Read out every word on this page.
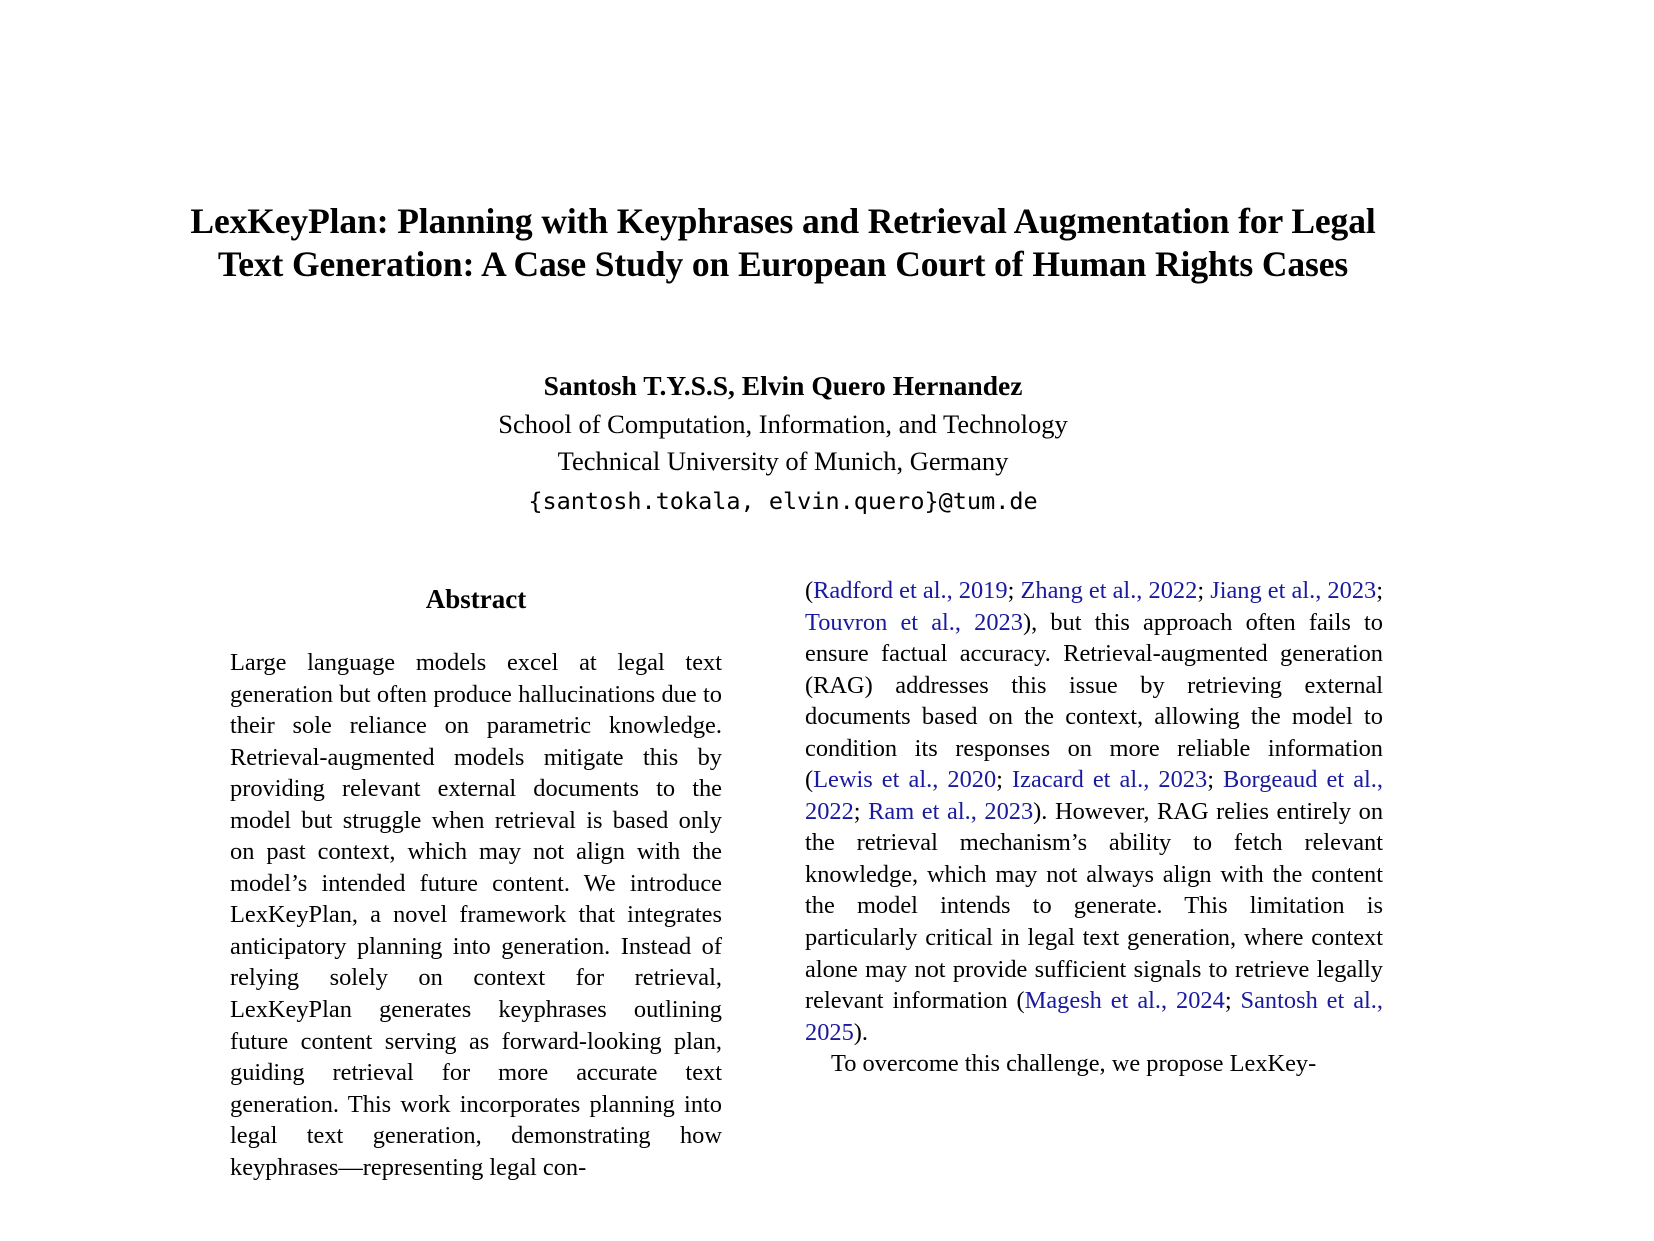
LexKeyPlan: Planning with Keyphrases and Retrieval Augmentation for Legal Text Generation: A Case Study on European Court of Human Rights Cases
Santosh T.Y.S.S, Elvin Quero Hernandez
School of Computation, Information, and Technology
Technical University of Munich, Germany
{santosh.tokala, elvin.quero}@tum.de
Abstract

Large language models excel at legal text generation but often produce hallucinations due to their sole reliance on parametric knowledge. Retrieval-augmented models mitigate this by providing relevant external documents to the model but struggle when retrieval is based only on past context, which may not align with the model’s intended future content. We introduce LexKeyPlan, a novel framework that integrates anticipatory planning into generation. Instead of relying solely on context for retrieval, LexKeyPlan generates keyphrases outlining future content serving as forward-looking plan, guiding retrieval for more accurate text generation. This work incorporates planning into legal text generation, demonstrating how keyphrases—representing legal con-

(Radford et al., 2019; Zhang et al., 2022; Jiang et al., 2023; Touvron et al., 2023), but this approach often fails to ensure factual accuracy. Retrieval-augmented generation (RAG) addresses this issue by retrieving external documents based on the context, allowing the model to condition its responses on more reliable information (Lewis et al., 2020; Izacard et al., 2023; Borgeaud et al., 2022; Ram et al., 2023). However, RAG relies entirely on the retrieval mechanism’s ability to fetch relevant knowledge, which may not always align with the content the model intends to generate. This limitation is particularly critical in legal text generation, where context alone may not provide sufficient signals to retrieve legally relevant information (Magesh et al., 2024; Santosh et al., 2025).

To overcome this challenge, we propose LexKey-
